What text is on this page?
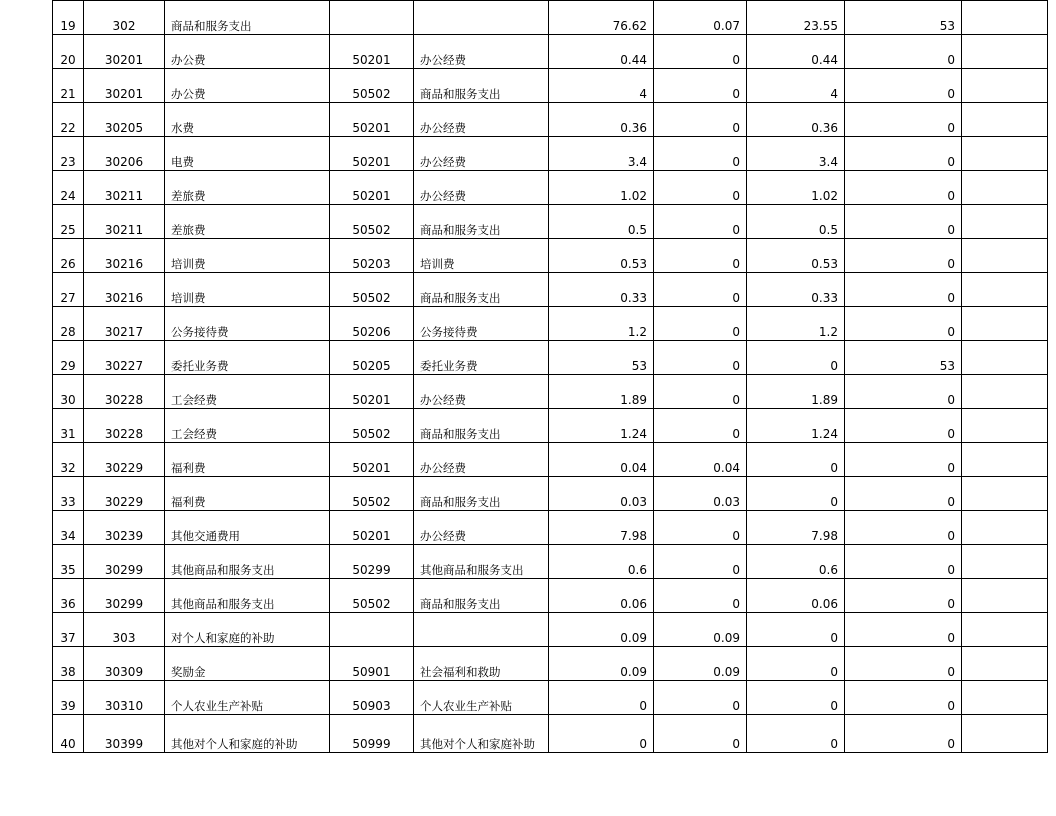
19	302	商品和服务支出			76.62	0.07	23.55	53	
20	30201	办公费	50201	办公经费	0.44	0	0.44	0	
21	30201	办公费	50502	商品和服务支出	4	0	4	0	
22	30205	水费	50201	办公经费	0.36	0	0.36	0	
23	30206	电费	50201	办公经费	3.4	0	3.4	0	
24	30211	差旅费	50201	办公经费	1.02	0	1.02	0	
25	30211	差旅费	50502	商品和服务支出	0.5	0	0.5	0	
26	30216	培训费	50203	培训费	0.53	0	0.53	0	
27	30216	培训费	50502	商品和服务支出	0.33	0	0.33	0	
28	30217	公务接待费	50206	公务接待费	1.2	0	1.2	0	
29	30227	委托业务费	50205	委托业务费	53	0	0	53	
30	30228	工会经费	50201	办公经费	1.89	0	1.89	0	
31	30228	工会经费	50502	商品和服务支出	1.24	0	1.24	0	
32	30229	福利费	50201	办公经费	0.04	0.04	0	0	
33	30229	福利费	50502	商品和服务支出	0.03	0.03	0	0	
34	30239	其他交通费用	50201	办公经费	7.98	0	7.98	0	
35	30299	其他商品和服务支出	50299	其他商品和服务支出	0.6	0	0.6	0	
36	30299	其他商品和服务支出	50502	商品和服务支出	0.06	0	0.06	0	
37	303	对个人和家庭的补助			0.09	0.09	0	0	
38	30309	奖励金	50901	社会福利和救助	0.09	0.09	0	0	
39	30310	个人农业生产补贴	50903	个人农业生产补贴	0	0	0	0	
40	30399	其他对个人和家庭的补助	50999	其他对个人和家庭补助	0	0	0	0	
